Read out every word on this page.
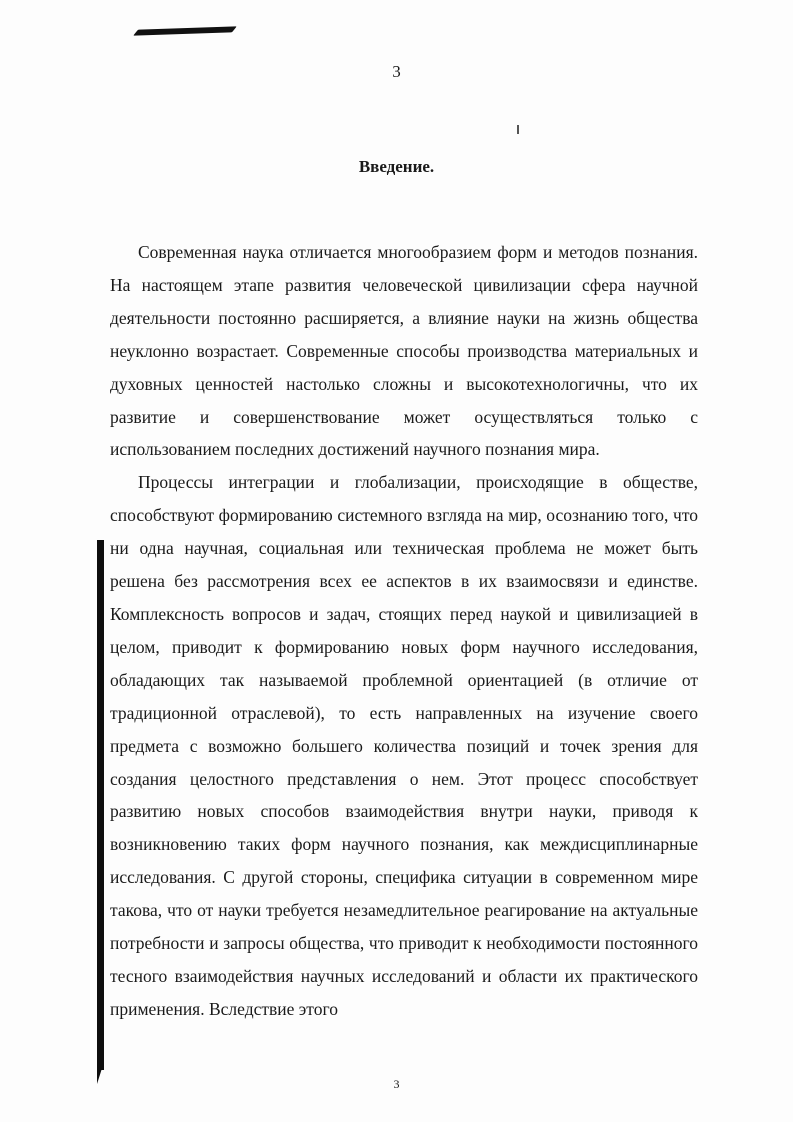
3
Введение.

Современная наука отличается многообразием форм и методов познания. На настоящем этапе развития человеческой цивилизации сфера научной деятельности постоянно расширяется, а влияние науки на жизнь общества неуклонно возрастает. Современные способы производства материальных и духовных ценностей настолько сложны и высокотехнологичны, что их развитие и совершенствование может осуществляться только с использованием последних достижений научного познания мира.

Процессы интеграции и глобализации, происходящие в обществе, способствуют формированию системного взгляда на мир, осознанию того, что ни одна научная, социальная или техническая проблема не может быть решена без рассмотрения всех ее аспектов в их взаимосвязи и единстве. Комплексность вопросов и задач, стоящих перед наукой и цивилизацией в целом, приводит к формированию новых форм научного исследования, обладающих так называемой проблемной ориентацией (в отличие от традиционной отраслевой), то есть направленных на изучение своего предмета с возможно большего количества позиций и точек зрения для создания целостного представления о нем. Этот процесс способствует развитию новых способов взаимодействия внутри науки, приводя к возникновению таких форм научного познания, как междисциплинарные исследования. С другой стороны, специфика ситуации в современном мире такова, что от науки требуется незамедлительное реагирование на актуальные потребности и запросы общества, что приводит к необходимости постоянного тесного взаимодействия научных исследований и области их практического применения. Вследствие этого

3
